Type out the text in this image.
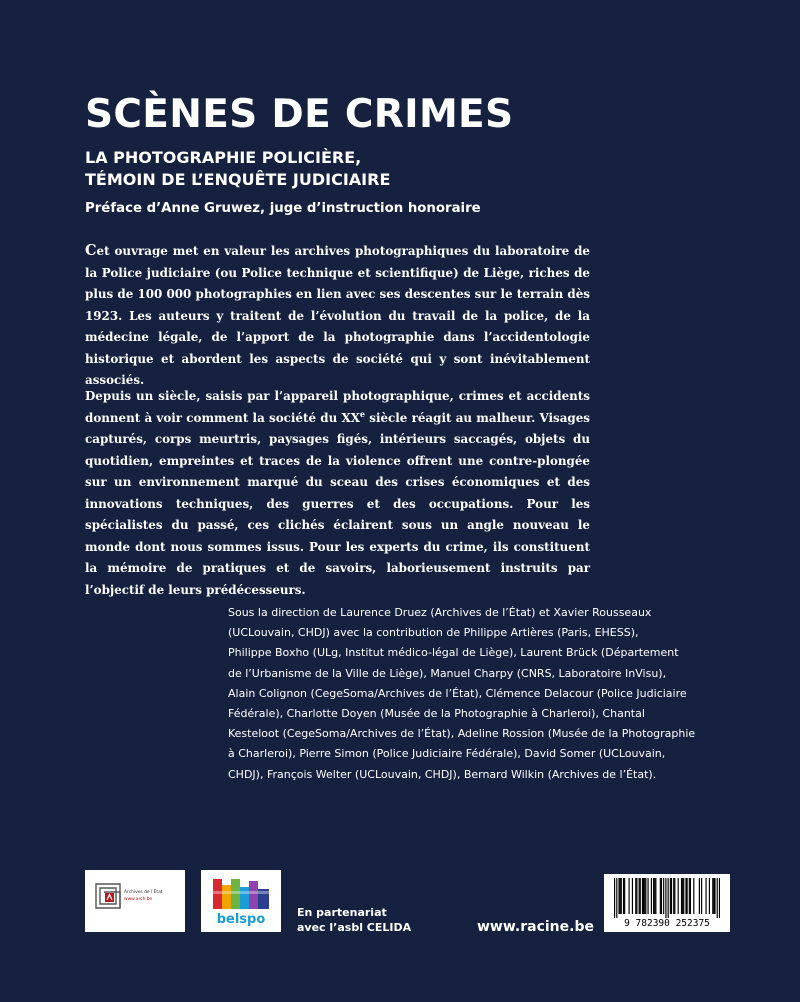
SCÈNES DE CRIMES
LA PHOTOGRAPHIE POLICIÈRE,
TÉMOIN DE L’ENQUÊTE JUDICIAIRE

Préface d’Anne Gruwez, juge d’instruction honoraire

Cet ouvrage met en valeur les archives photographiques du laboratoire de la Police judiciaire (ou Police technique et scientifique) de Liège, riches de plus de 100 000 photographies en lien avec ses descentes sur le terrain dès 1923. Les auteurs y traitent de l’évolution du travail de la police, de la médecine légale, de l’apport de la photographie dans l’accidentologie historique et abordent les aspects de société qui y sont inévitablement associés.

Depuis un siècle, saisis par l’appareil photographique, crimes et accidents donnent à voir comment la société du XXe siècle réagit au malheur. Visages capturés, corps meurtris, paysages figés, intérieurs saccagés, objets du quotidien, empreintes et traces de la violence offrent une contre-plongée sur un environnement marqué du sceau des crises économiques et des innovations techniques, des guerres et des occupations. Pour les spécialistes du passé, ces clichés éclairent sous un angle nouveau le monde dont nous sommes issus. Pour les experts du crime, ils constituent la mémoire de pratiques et de savoirs, laborieusement instruits par l’objectif de leurs prédécesseurs.

Sous la direction de Laurence Druez (Archives de l’État) et Xavier Rousseaux
(UCLouvain, CHDJ) avec la contribution de Philippe Artières (Paris, EHESS),
Philippe Boxho (ULg, Institut médico-légal de Liège), Laurent Brück (Département
de l’Urbanisme de la Ville de Liège), Manuel Charpy (CNRS, Laboratoire InVisu),
Alain Colignon (CegeSoma/Archives de l’État), Clémence Delacour (Police Judiciaire
Fédérale), Charlotte Doyen (Musée de la Photographie à Charleroi), Chantal
Kesteloot (CegeSoma/Archives de l’État), Adeline Rossion (Musée de la Photographie
à Charleroi), Pierre Simon (Police Judiciaire Fédérale), David Somer (UCLouvain,
CHDJ), François Welter (UCLouvain, CHDJ), Bernard Wilkin (Archives de l’État).
Archives de l’État
www.arch.be
belspo	En partenariat
avec l’asbl CELIDA	www.racine.be	9 782390 252375
